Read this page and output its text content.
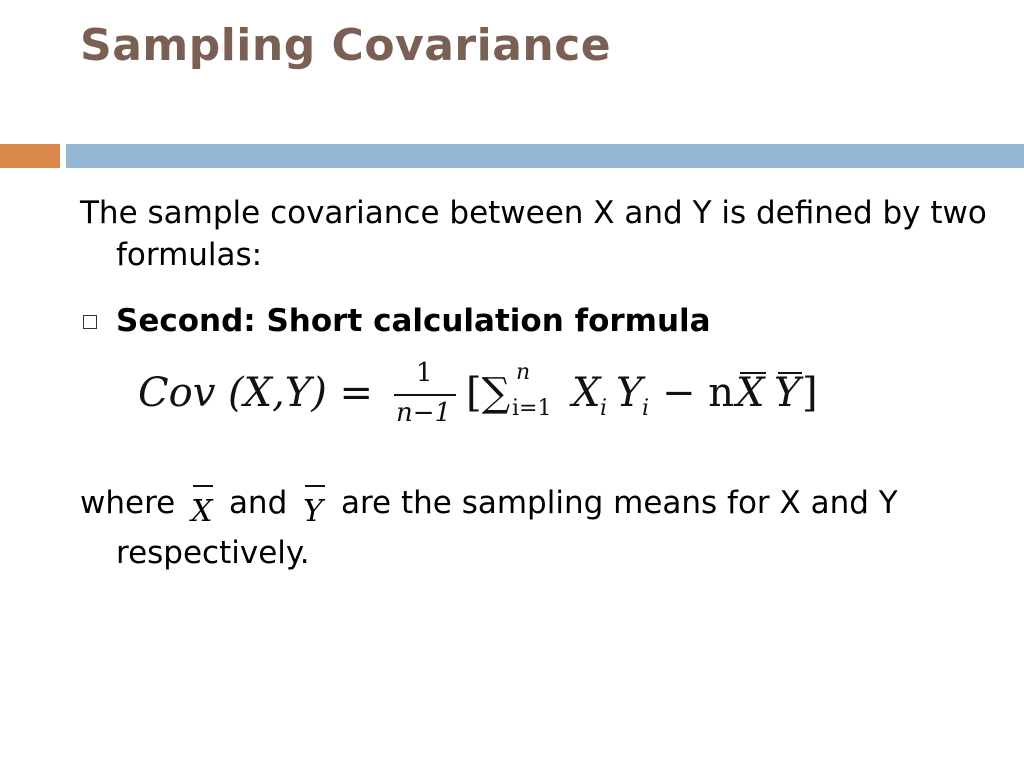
Sampling Covariance
The sample covariance between X and Y is defined by two formulas:
Second: Short calculation formula
Cov (X,Y) = 1
n−1 [∑ n
i=1 X i Y i − n X Y ]
where X and Y are the sampling means for X and Y respectively.
